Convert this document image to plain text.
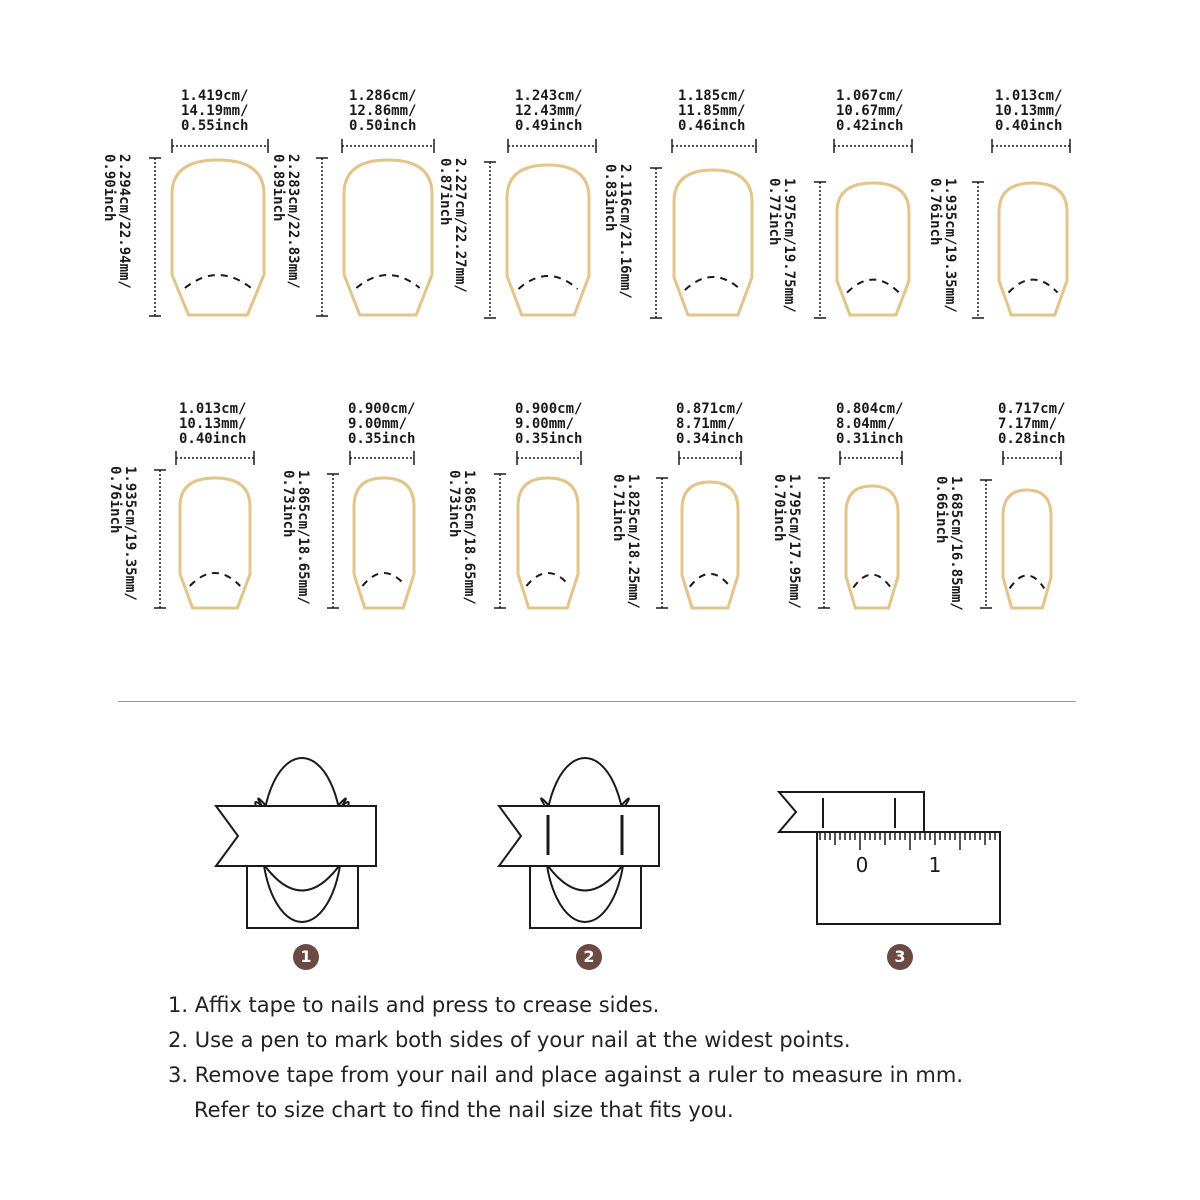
1.419cm/
14.19mm/
0.55inch
2.294cm/22.94mm/
0.90inch
1.286cm/
12.86mm/
0.50inch
2.283cm/22.83mm/
0.89inch
1.243cm/
12.43mm/
0.49inch
2.227cm/22.27mm/
0.87inch
1.185cm/
11.85mm/
0.46inch
2.116cm/21.16mm/
0.83inch
1.067cm/
10.67mm/
0.42inch
1.975cm/19.75mm/
0.77inch
1.013cm/
10.13mm/
0.40inch
1.935cm/19.35mm/
0.76inch
1.013cm/
10.13mm/
0.40inch
1.935cm/19.35mm/
0.76inch
0.900cm/
9.00mm/
0.35inch
1.865cm/18.65mm/
0.73inch
0.900cm/
9.00mm/
0.35inch
1.865cm/18.65mm/
0.73inch
0.871cm/
8.71mm/
0.34inch
1.825cm/18.25mm/
0.71inch
0.804cm/
8.04mm/
0.31inch
1.795cm/17.95mm/
0.70inch
0.717cm/
7.17mm/
0.28inch
1.685cm/16.85mm/
0.66inch
0	1
1	2	3
1. Affix tape to nails and press to crease sides.
2. Use a pen to mark both sides of your nail at the widest points.
3. Remove tape from your nail and place against a ruler to measure in mm.
Refer to size chart to find the nail size that fits you.
